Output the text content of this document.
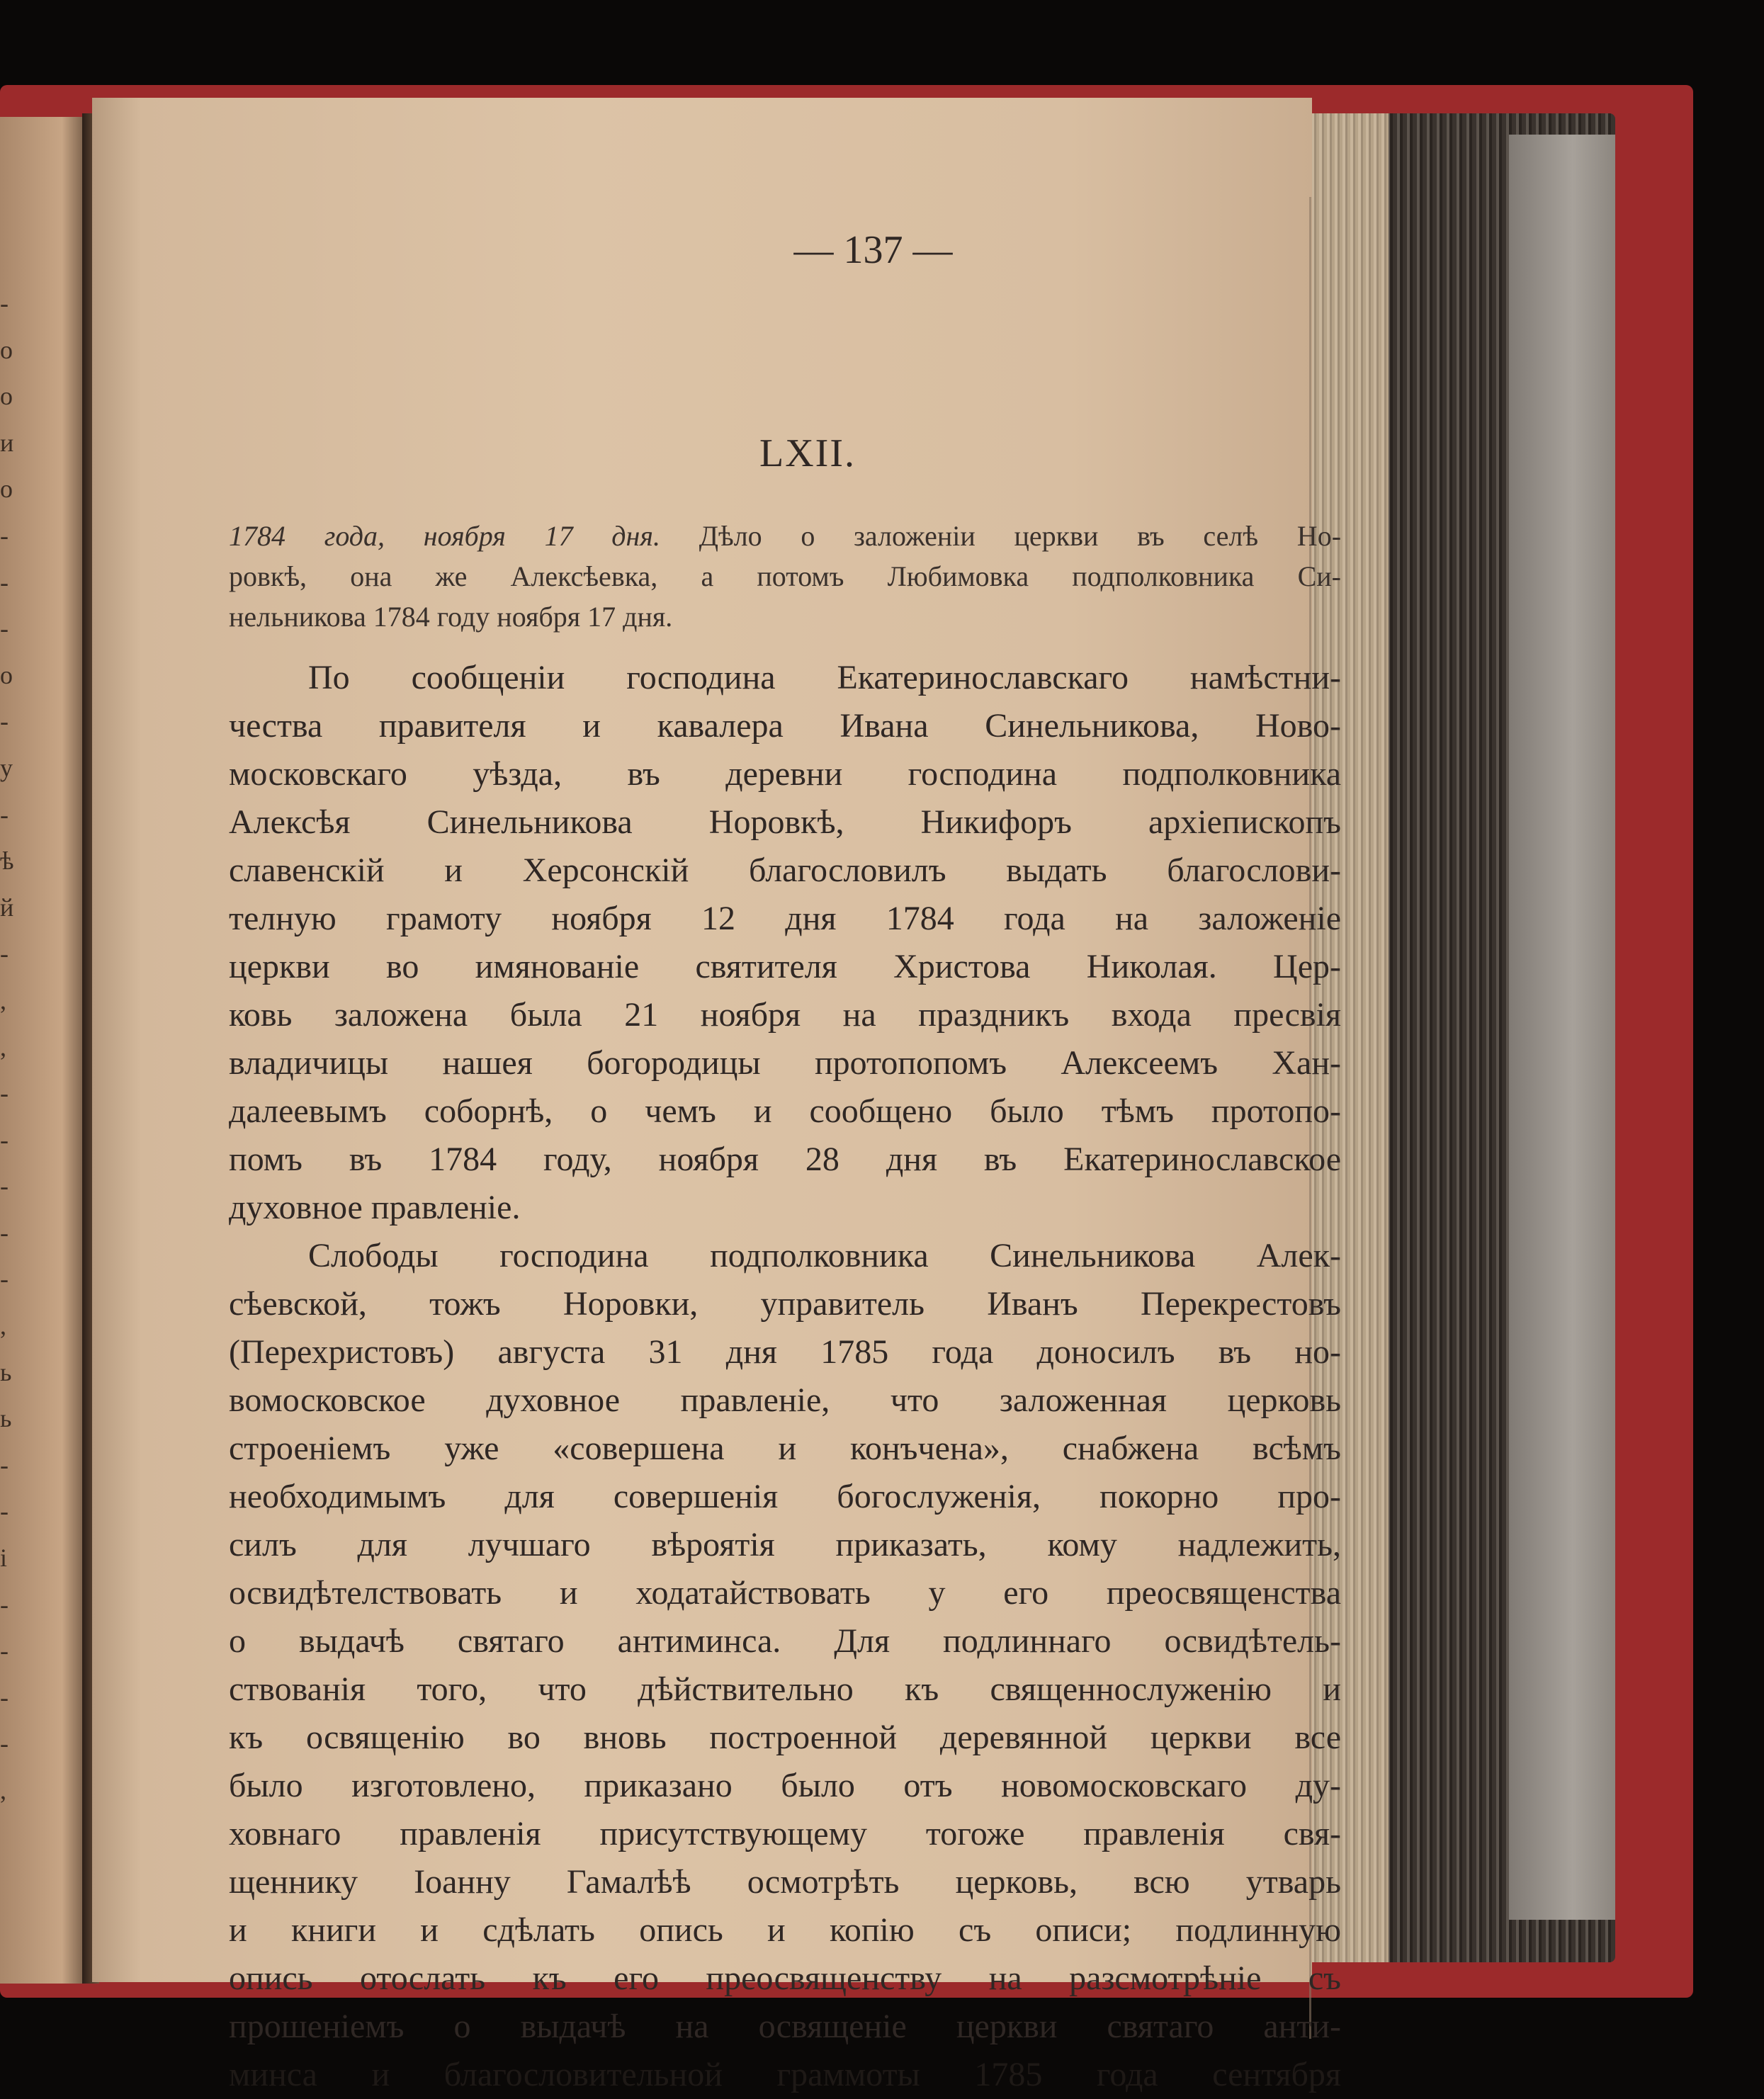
-
о
о
и
о
-
-
-
о
-
у
-
ѣ
й
-
,
,
-
-
-
-
-
,
ь
ь
-
-
і
-
-
-
-
,
— 137 —
LXII.
1784 года, ноября 17 дня. Дѣло о заложеніи церкви въ селѣ Но-
ровкѣ, она же Алексѣевка, а потомъ Любимовка подполковника Си-
нельникова 1784 году ноября 17 дня.
По сообщеніи господина Екатеринославскаго намѣстни-
чества правителя и кавалера Ивана Синельникова, Ново-
московскаго уѣзда, въ деревни господина подполковника
Алексѣя Синельникова Норовкѣ, Никифоръ архіепископъ
славенскій и Херсонскій благословилъ выдать благослови-
телную грамоту ноября 12 дня 1784 года на заложеніе
церкви во имянованіе святителя Христова Николая. Цер-
ковь заложена была 21 ноября на праздникъ входа пресвія
владичицы нашея богородицы протопопомъ Алексеемъ Хан-
далеевымъ соборнѣ, о чемъ и сообщено было тѣмъ протопо-
помъ въ 1784 году, ноября 28 дня въ Екатеринославское
духовное правленіе.
Слободы господина подполковника Синельникова Алек-
сѣевской, тожъ Норовки, управитель Иванъ Перекрестовъ
(Перехристовъ) августа 31 дня 1785 года доносилъ въ но-
вомосковское духовное правленіе, что заложенная церковь
строеніемъ уже «совершена и конъчена», снабжена всѣмъ
необходимымъ для совершенія богослуженія, покорно про-
силъ для лучшаго вѣроятія приказать, кому надлежить,
освидѣтелствовать и ходатайствовать у его преосвященства
о выдачѣ святаго антиминса. Для подлиннаго освидѣтель-
ствованія того, что дѣйствительно къ священнослуженію и
къ освященію во вновь построенной деревянной церкви все
было изготовлено, приказано было отъ новомосковскаго ду-
ховнаго правленія присутствующему тогоже правленія свя-
щеннику Іоанну Гамалѣѣ осмотрѣть церковь, всю утварь
и книги и сдѣлать опись и копію съ описи; подлинную
опись отослать къ его преосвященству на разсмотрѣніе съ
прошеніемъ о выдачѣ на освященіе церкви святаго анти-
минса и благословительной граммоты 1785 года сентября
